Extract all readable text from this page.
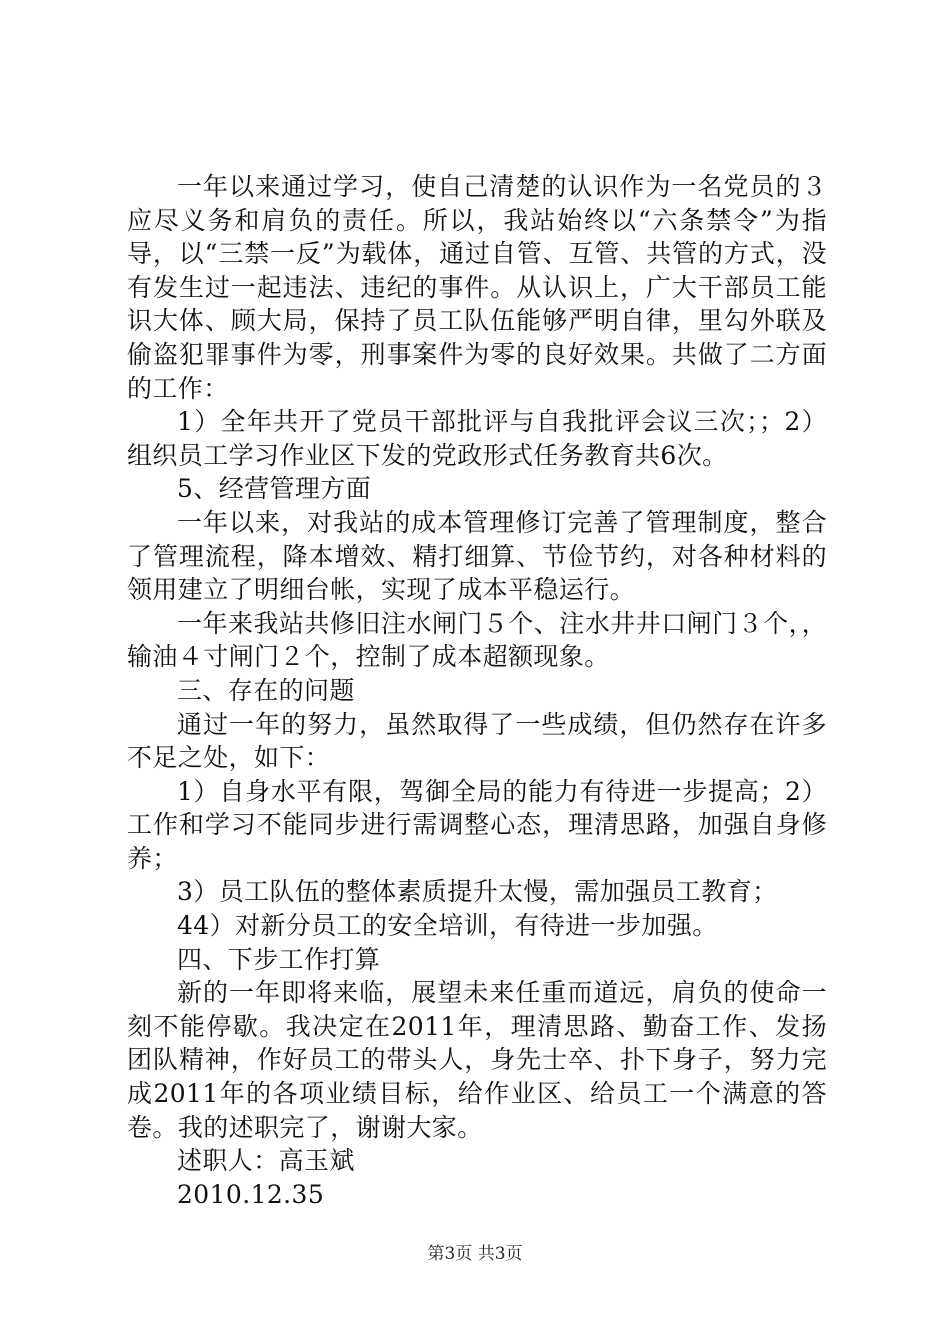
一年以来通过学习，使自己清楚的认识作为一名党员的３应尽义务和肩负的责任。所以，我站始终以“六条禁令”为指导，以“三禁一反”为载体，通过自管、互管、共管的方式，没有发生过一起违法、违纪的事件。从认识上，广大干部员工能识大体、顾大局，保持了员工队伍能够严明自律，里勾外联及偷盗犯罪事件为零，刑事案件为零的良好效果。共做了二方面的工作：

1）全年共开了党员干部批评与自我批评会议三次；；2）组织员工学习作业区下发的党政形式任务教育共6次。

5、经营管理方面

一年以来，对我站的成本管理修订完善了管理制度，整合了管理流程，降本增效、精打细算、节俭节约，对各种材料的领用建立了明细台帐，实现了成本平稳运行。

一年来我站共修旧注水闸门５个、注水井井口闸门３个，，输油４寸闸门２个，控制了成本超额现象。

三、存在的问题

通过一年的努力，虽然取得了一些成绩，但仍然存在许多不足之处，如下：

1）自身水平有限，驾御全局的能力有待进一步提高；2）工作和学习不能同步进行需调整心态，理清思路，加强自身修养；

3）员工队伍的整体素质提升太慢，需加强员工教育；

44）对新分员工的安全培训，有待进一步加强。

四、下步工作打算

新的一年即将来临，展望未来任重而道远，肩负的使命一刻不能停歇。我决定在2011年，理清思路、勤奋工作、发扬团队精神，作好员工的带头人，身先士卒、扑下身子，努力完成2011年的各项业绩目标，给作业区、给员工一个满意的答卷。我的述职完了，谢谢大家。

述职人：高玉斌

2010.12.35

第3页 共3页
